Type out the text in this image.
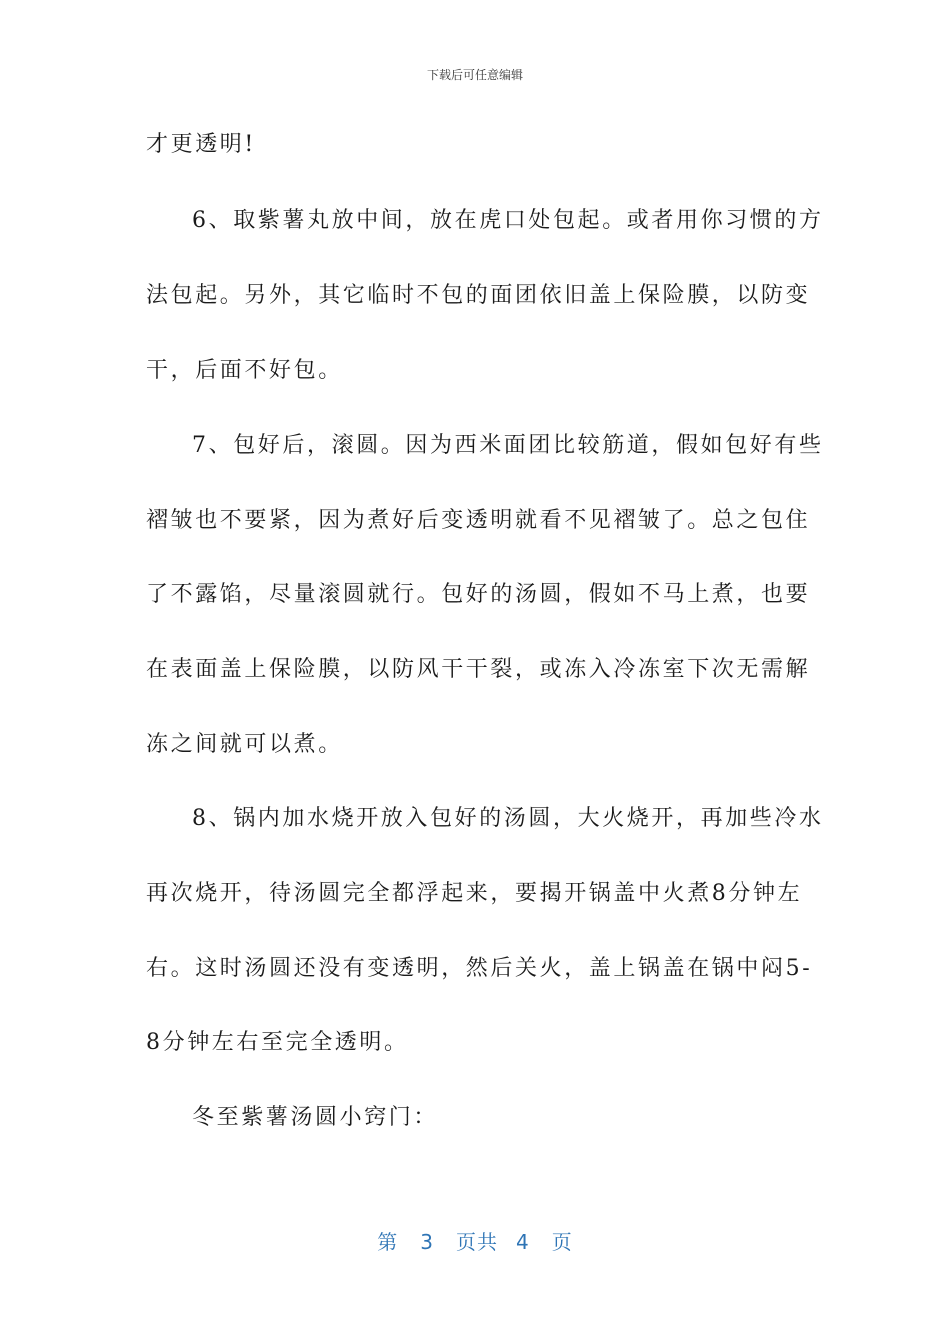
下载后可任意编辑
才更透明!
6、取紫薯丸放中间，放在虎口处包起。或者用你习惯的方
法包起。另外，其它临时不包的面团依旧盖上保险膜，以防变
干，后面不好包。
7、包好后，滚圆。因为西米面团比较筋道，假如包好有些
褶皱也不要紧，因为煮好后变透明就看不见褶皱了。总之包住
了不露馅，尽量滚圆就行。包好的汤圆，假如不马上煮，也要
在表面盖上保险膜，以防风干干裂，或冻入冷冻室下次无需解
冻之间就可以煮。
8、锅内加水烧开放入包好的汤圆，大火烧开，再加些冷水
再次烧开，待汤圆完全都浮起来，要揭开锅盖中火煮8分钟左
右。这时汤圆还没有变透明，然后关火，盖上锅盖在锅中闷5-
8分钟左右至完全透明。
冬至紫薯汤圆小窍门：
第 3 页共 4 页
